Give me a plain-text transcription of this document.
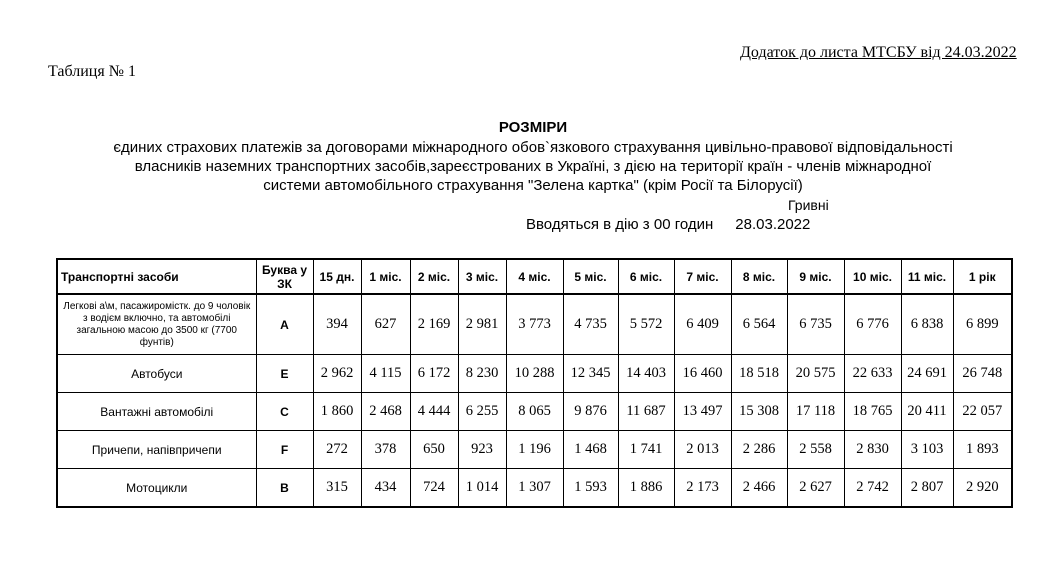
Додаток до листа МТСБУ від 24.03.2022
Таблиця № 1
РОЗМІРИ
єдиних страхових платежів за договорами міжнародного обов`язкового страхування цивільно-правової відповідальності
власників наземних транспортних засобів,зареєстрованих в Україні, з дією на території країн - членів міжнародної
системи автомобільного страхування "Зелена картка" (крім Росії та Білорусії)
Гривні
Вводяться в дію з 00 годин 28.03.2022
Транспортні засоби	Буква у ЗК	15 дн.	1 міс.	2 міс.	3 міс.	4 міс.	5 міс.	6 міс.	7 міс.	8 міс.	9 міс.	10 міс.	11 міс.	1 рік
Легкові а\м, пасажиромістк. до 9 чоловік з водієм включно, та автомобілі загальною масою до 3500 кг (7700 фунтів)	A	394	627	2 169	2 981	3 773	4 735	5 572	6 409	6 564	6 735	6 776	6 838	6 899
Автобуси	E	2 962	4 115	6 172	8 230	10 288	12 345	14 403	16 460	18 518	20 575	22 633	24 691	26 748
Вантажні автомобілі	C	1 860	2 468	4 444	6 255	8 065	9 876	11 687	13 497	15 308	17 118	18 765	20 411	22 057
Причепи, напівпричепи	F	272	378	650	923	1 196	1 468	1 741	2 013	2 286	2 558	2 830	3 103	1 893
Мотоцикли	B	315	434	724	1 014	1 307	1 593	1 886	2 173	2 466	2 627	2 742	2 807	2 920
